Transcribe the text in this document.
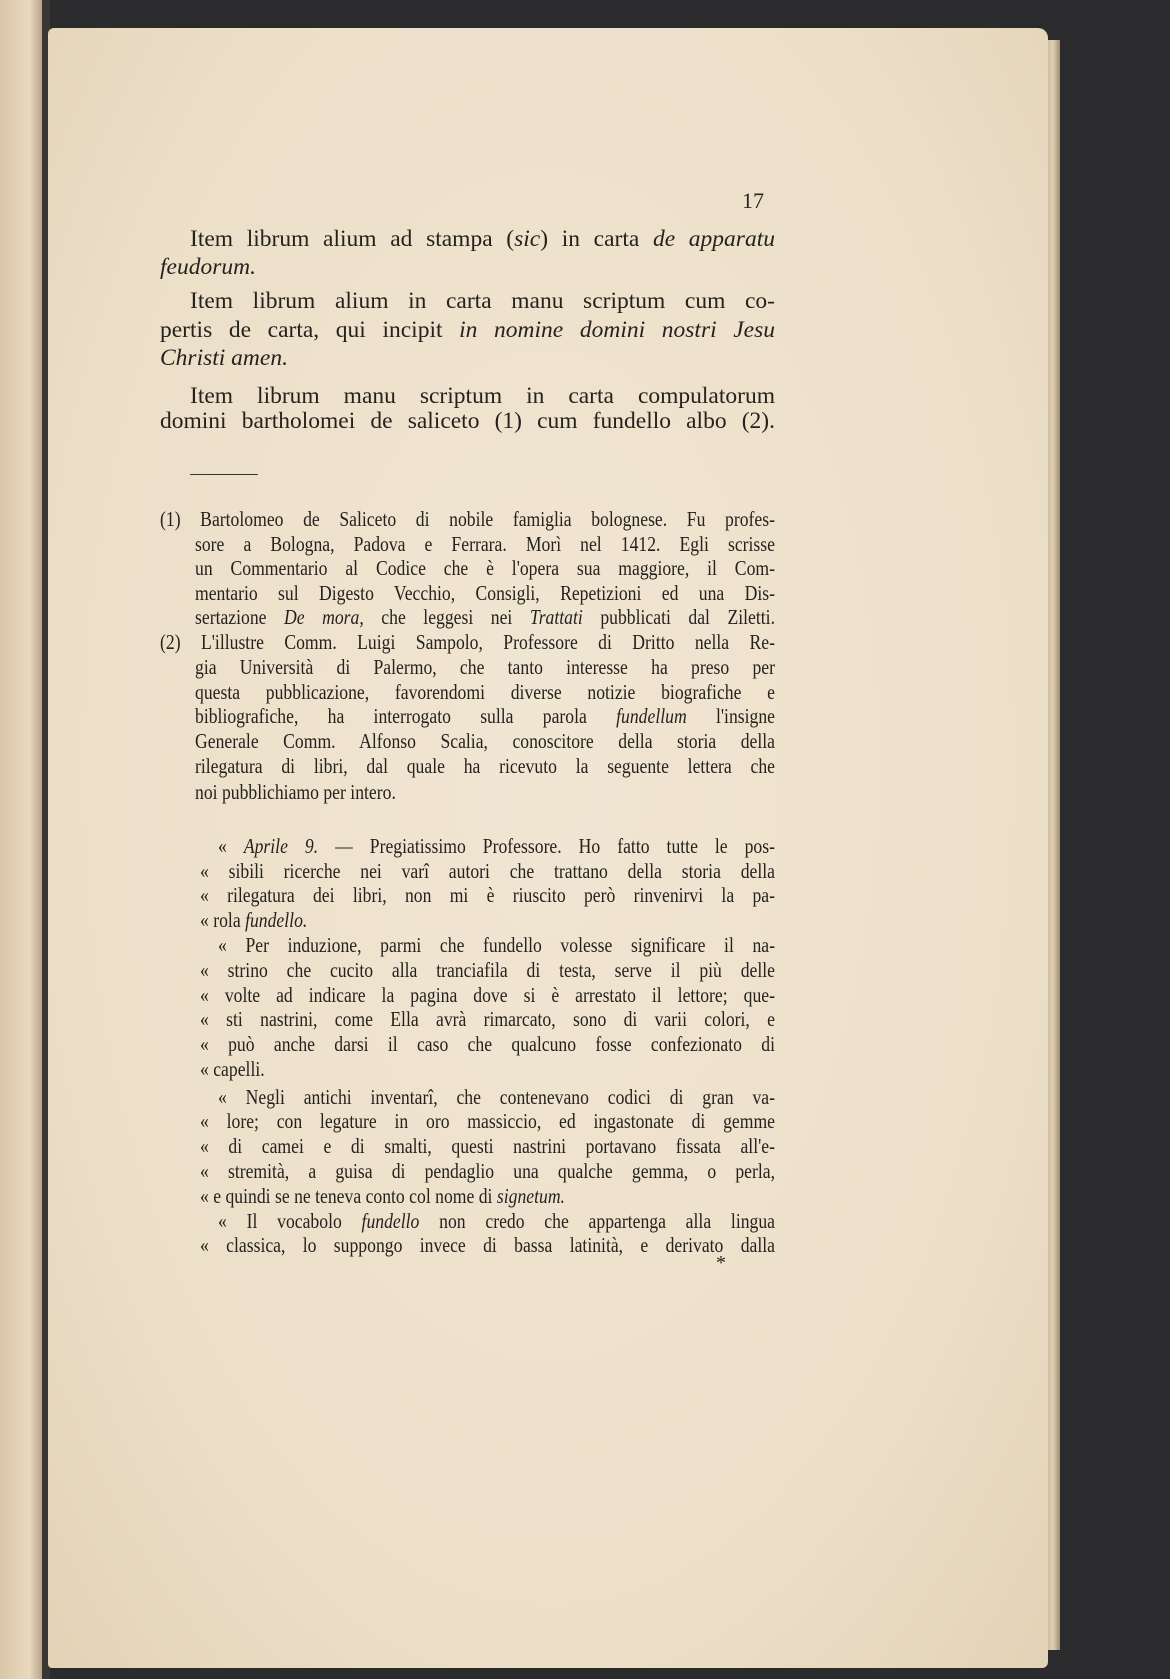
17
*
Item librum alium ad stampa (sic) in carta de apparatu
feudorum.
Item librum alium in carta manu scriptum cum co-
pertis de carta, qui incipit in nomine domini nostri Jesu
Christi amen.
Item librum manu scriptum in carta compulatorum
domini bartholomei de saliceto (1) cum fundello albo (2).
(1) Bartolomeo de Saliceto di nobile famiglia bolognese. Fu profes-
sore a Bologna, Padova e Ferrara. Morì nel 1412. Egli scrisse
un Commentario al Codice che è l'opera sua maggiore, il Com-
mentario sul Digesto Vecchio, Consigli, Repetizioni ed una Dis-
sertazione De mora, che leggesi nei Trattati pubblicati dal Ziletti.
(2) L'illustre Comm. Luigi Sampolo, Professore di Dritto nella Re-
gia Università di Palermo, che tanto interesse ha preso per
questa pubblicazione, favorendomi diverse notizie biografiche e
bibliografiche, ha interrogato sulla parola fundellum l'insigne
Generale Comm. Alfonso Scalia, conoscitore della storia della
rilegatura di libri, dal quale ha ricevuto la seguente lettera che
noi pubblichiamo per intero.
« Aprile 9. — Pregiatissimo Professore. Ho fatto tutte le pos-
« sibili ricerche nei varî autori che trattano della storia della
« rilegatura dei libri, non mi è riuscito però rinvenirvi la pa-
« rola fundello.
« Per induzione, parmi che fundello volesse significare il na-
« strino che cucito alla tranciafila di testa, serve il più delle
« volte ad indicare la pagina dove si è arrestato il lettore; que-
« sti nastrini, come Ella avrà rimarcato, sono di varii colori, e
« può anche darsi il caso che qualcuno fosse confezionato di
« capelli.
« Negli antichi inventarî, che contenevano codici di gran va-
« lore; con legature in oro massiccio, ed ingastonate di gemme
« di camei e di smalti, questi nastrini portavano fissata all'e-
« stremità, a guisa di pendaglio una qualche gemma, o perla,
« e quindi se ne teneva conto col nome di signetum.
« Il vocabolo fundello non credo che appartenga alla lingua
« classica, lo suppongo invece di bassa latinità, e derivato dalla
